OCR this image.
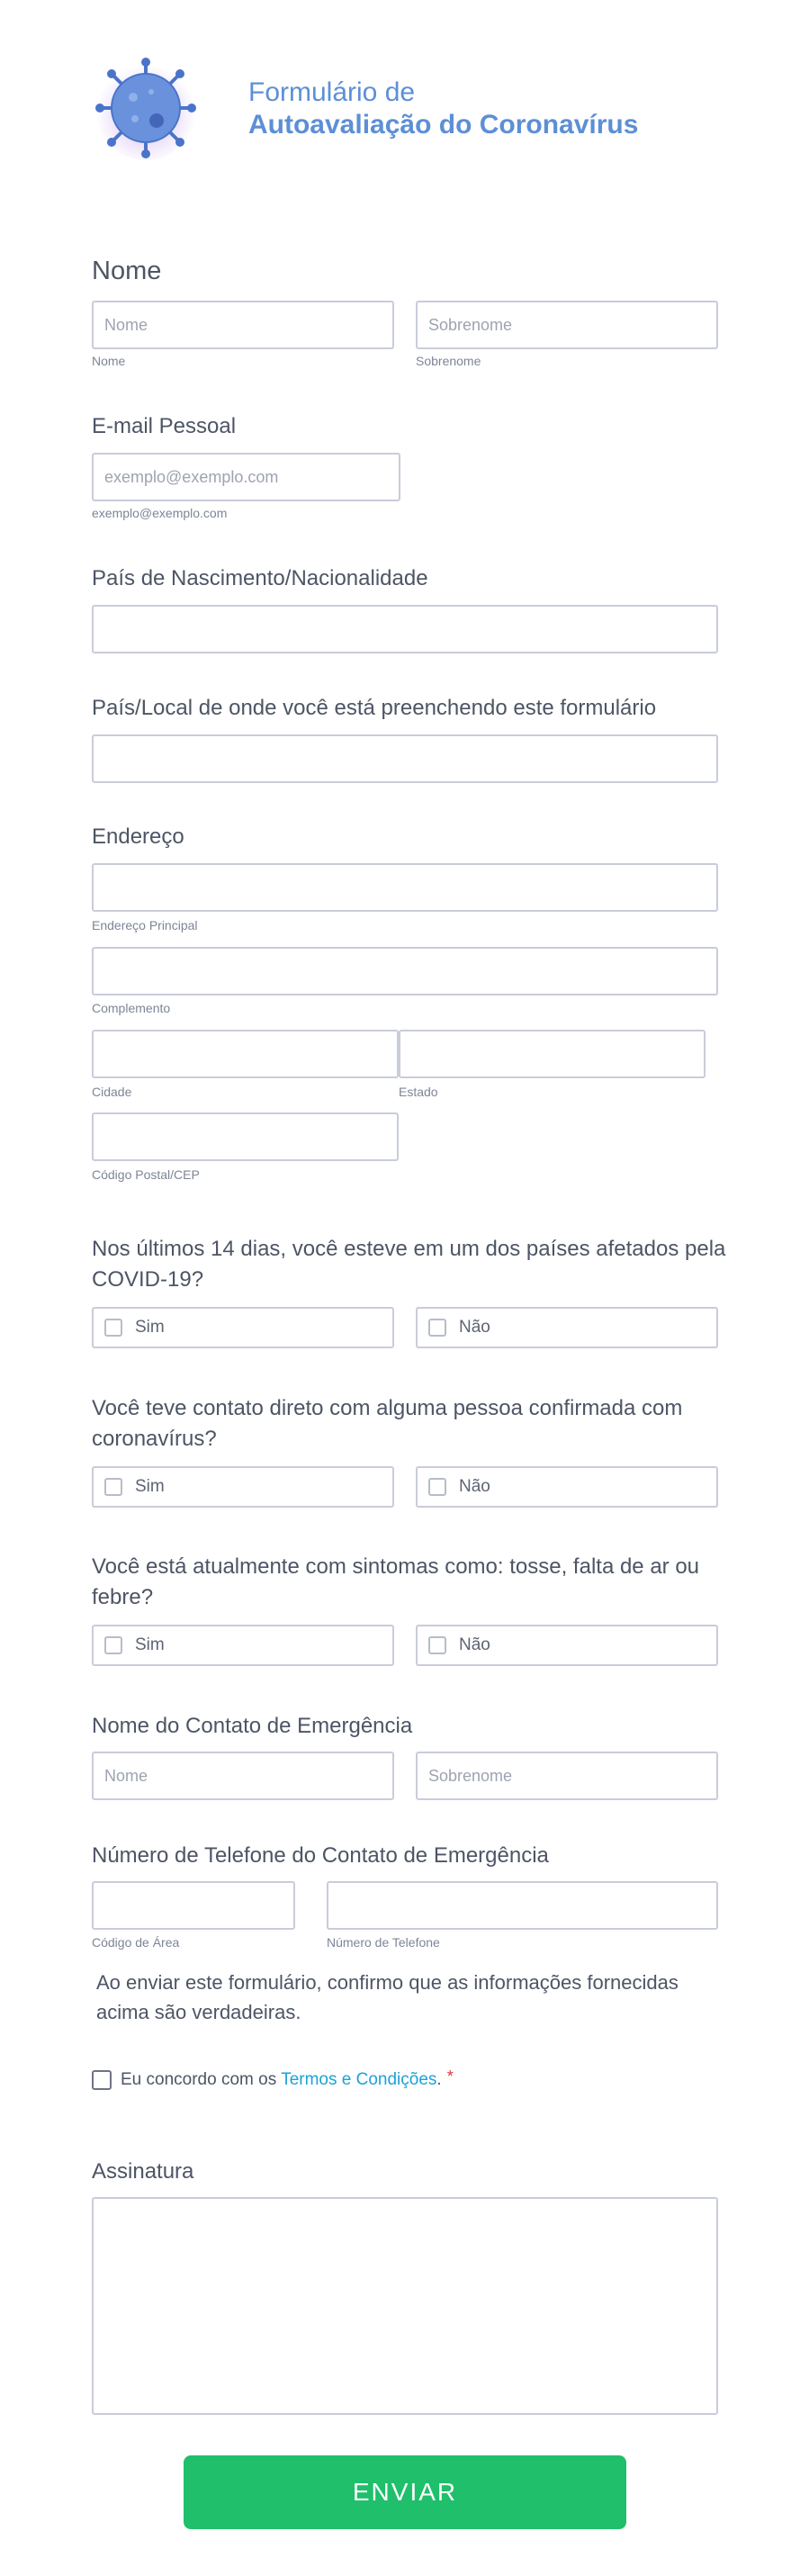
Formulário de
Autoavaliação do Coronavírus
Nome
Nome	Sobrenome
Nome	Sobrenome
E-mail Pessoal
exemplo@exemplo.com
exemplo@exemplo.com
País de Nascimento/Nacionalidade
País/Local de onde você está preenchendo este formulário
Endereço
Endereço Principal
Complemento
Cidade	Estado
Código Postal/CEP
Nos últimos 14 dias, você esteve em um dos países afetados pela
COVID-19?
Sim	Não
Você teve contato direto com alguma pessoa confirmada com
coronavírus?
Sim	Não
Você está atualmente com sintomas como: tosse, falta de ar ou
febre?
Sim	Não
Nome do Contato de Emergência
Nome	Sobrenome
Número de Telefone do Contato de Emergência
Código de Área	Número de Telefone
Ao enviar este formulário, confirmo que as informações fornecidas
acima são verdadeiras.
Eu concordo com os Termos e Condições . *
Assinatura
ENVIAR
